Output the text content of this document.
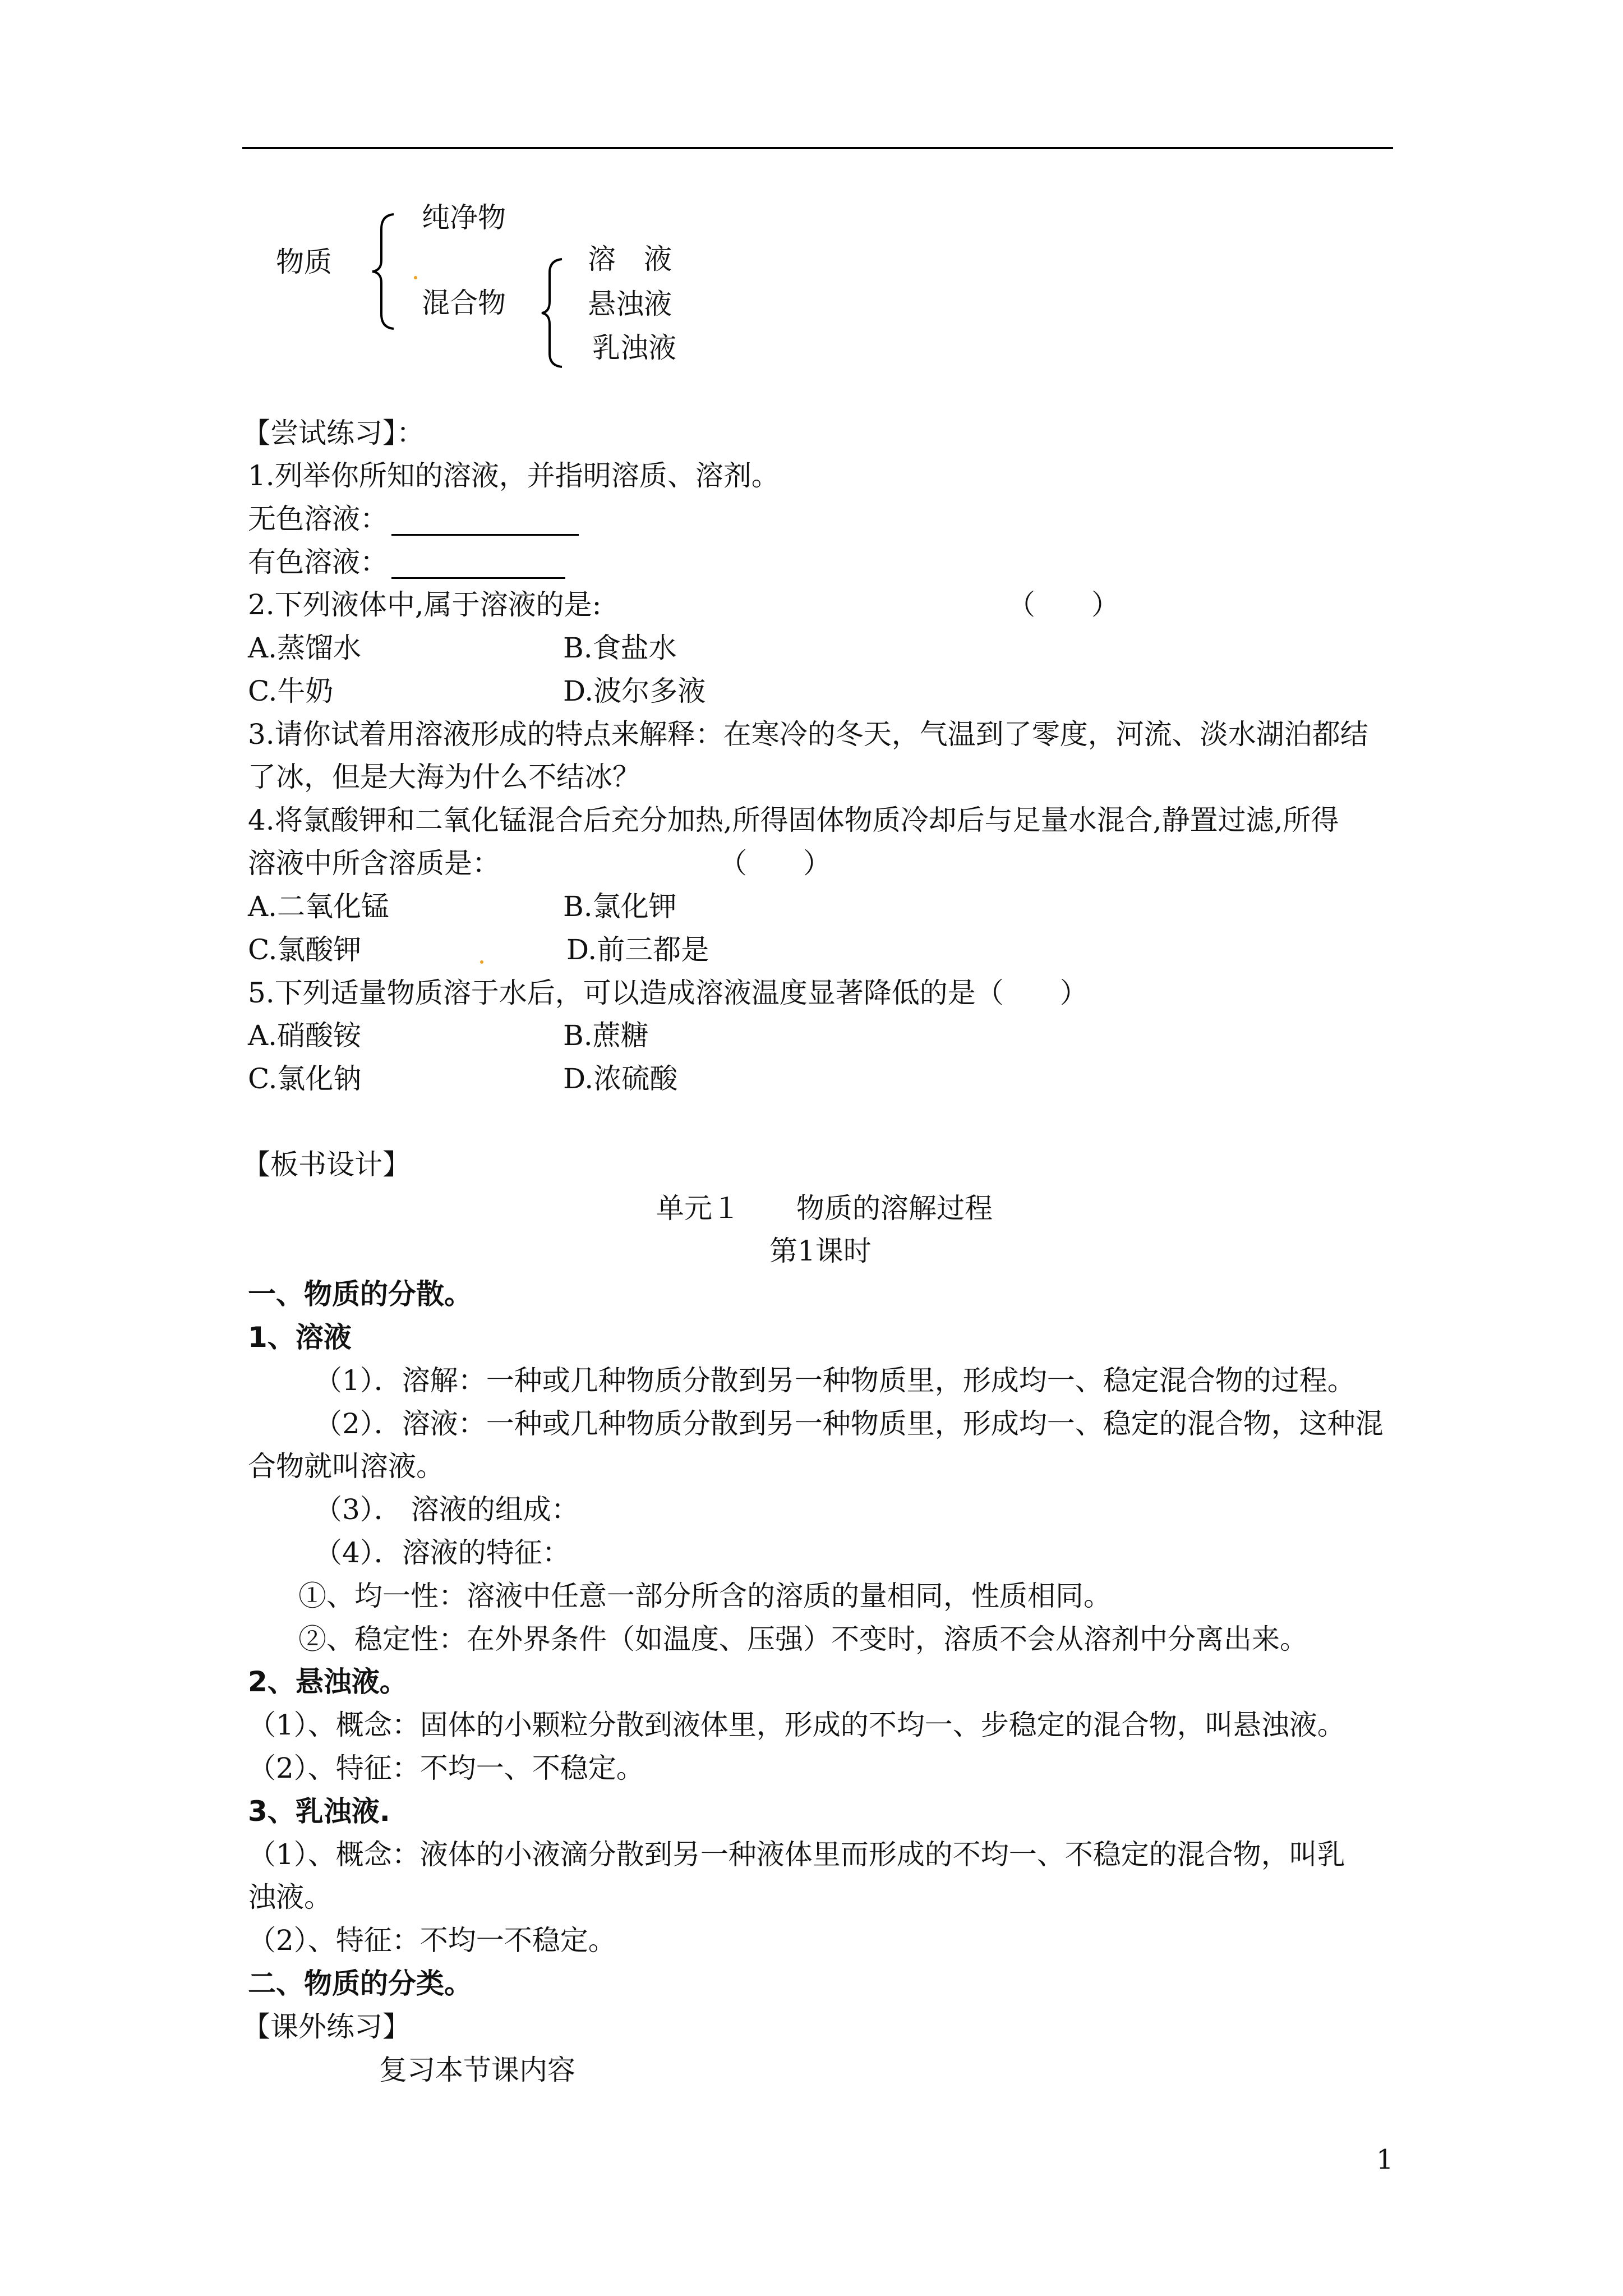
物质
纯净物
混合物
溶　液
悬浊液
乳浊液
【尝试练习】：
1.列举你所知的溶液，并指明溶质、溶剂。
无色溶液：
有色溶液：
2.下列液体中,属于溶液的是:	（　　）
A.蒸馏水	B.食盐水
C.牛奶	D.波尔多液
3.请你试着用溶液形成的特点来解释：在寒冷的冬天，气温到了零度，河流、淡水湖泊都结
了冰，但是大海为什么不结冰？
4.将氯酸钾和二氧化锰混合后充分加热,所得固体物质冷却后与足量水混合,静置过滤,所得
溶液中所含溶质是：	（　　）
A.二氧化锰	B.氯化钾
C.氯酸钾	D.前三都是
5.下列适量物质溶于水后，可以造成溶液温度显著降低的是（　　）
A.硝酸铵	B.蔗糖
C.氯化钠	D.浓硫酸
【板书设计】
单元１　　物质的溶解过程
第1课时
一、物质的分散。
1、溶液
（1）．溶解：一种或几种物质分散到另一种物质里，形成均一、稳定混合物的过程。
（2）．溶液：一种或几种物质分散到另一种物质里，形成均一、稳定的混合物，这种混
合物就叫溶液。
（3）． 溶液的组成：
（4）．溶液的特征：
①、均一性：溶液中任意一部分所含的溶质的量相同，性质相同。
②、稳定性：在外界条件（如温度、压强）不变时，溶质不会从溶剂中分离出来。
2、悬浊液。
（1）、概念：固体的小颗粒分散到液体里，形成的不均一、步稳定的混合物，叫悬浊液。
（2）、特征：不均一、不稳定。
3、乳浊液.
（1）、概念：液体的小液滴分散到另一种液体里而形成的不均一、不稳定的混合物，叫乳
浊液。
（2）、特征：不均一不稳定。
二、物质的分类。
【课外练习】
复习本节课内容
1
